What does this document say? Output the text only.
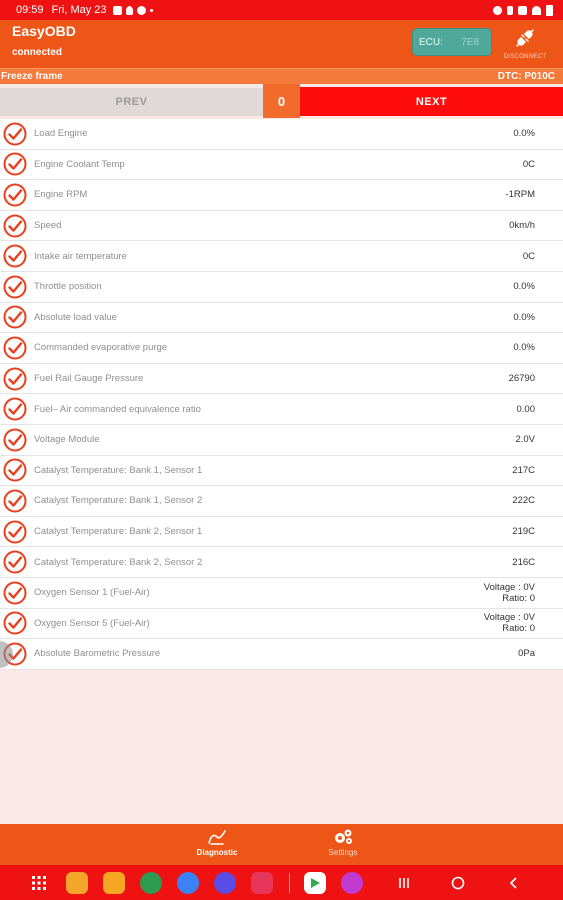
09:59 Fri, May 23
EasyOBD
connected
ECU: 7E8
DISCONNECT
Freeze frame	DTC: P010C
PREV	0	NEXT
Load Engine	0.0%
Engine Coolant Temp	0C
Engine RPM	-1RPM
Speed	0km/h
Intake air temperature	0C
Throttle position	0.0%
Absolute load value	0.0%
Commanded evaporative purge	0.0%
Fuel Rail Gauge Pressure	26790
Fuel– Air commanded equivalence ratio	0.00
Voltage Module	2.0V
Catalyst Temperature: Bank 1, Sensor 1	217C
Catalyst Temperature: Bank 1, Sensor 2	222C
Catalyst Temperature: Bank 2, Sensor 1	219C
Catalyst Temperature: Bank 2, Sensor 2	216C
Oxygen Sensor 1 (Fuel-Air)	Voltage : 0V
Ratio: 0
Oxygen Sensor 5 (Fuel-Air)	Voltage : 0V
Ratio: 0
Absolute Barometric Pressure	0Pa
Diagnostic	Settings
